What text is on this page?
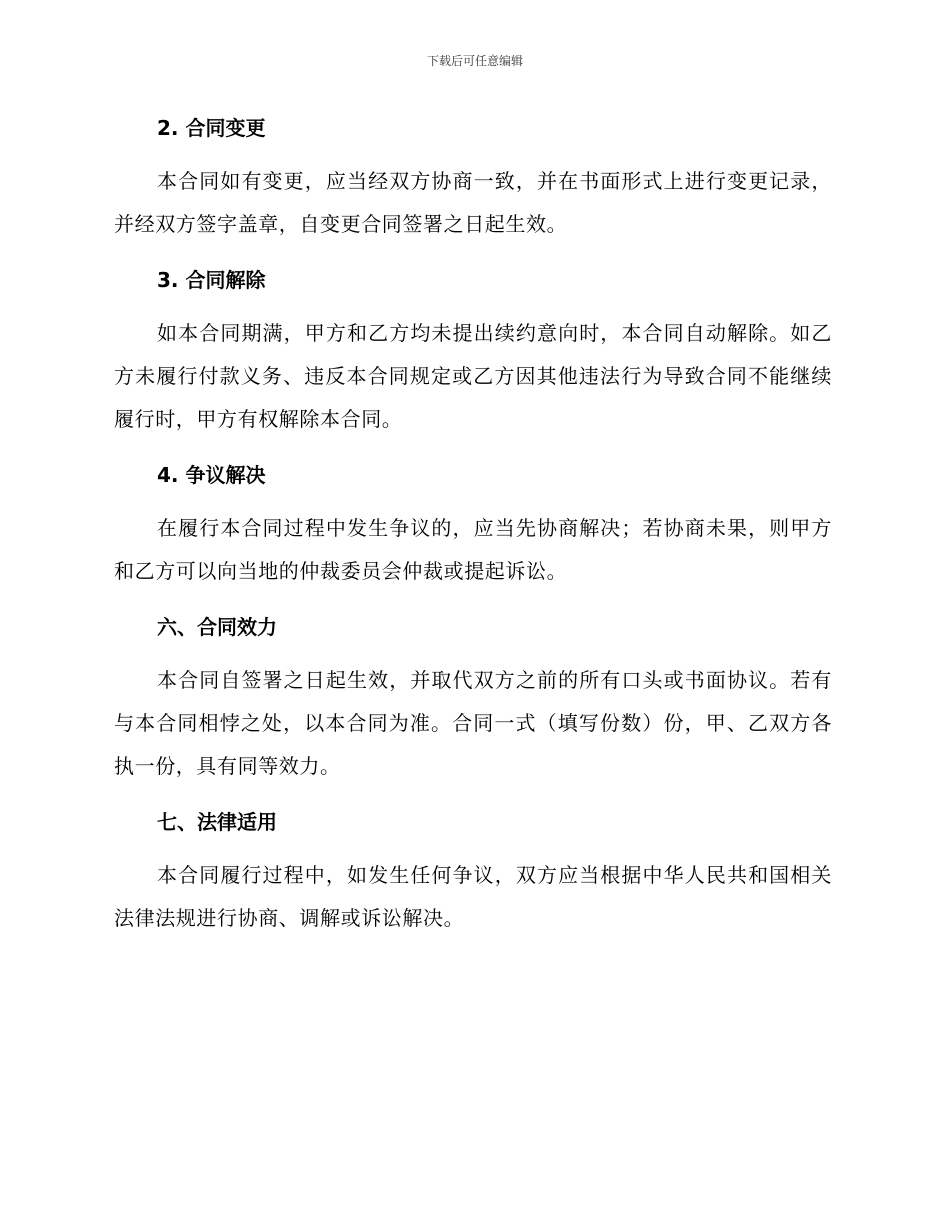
下载后可任意编辑
2. 合同变更

本合同如有变更，应当经双方协商一致，并在书面形式上进行变更记录，并经双方签字盖章，自变更合同签署之日起生效。

3. 合同解除

如本合同期满，甲方和乙方均未提出续约意向时，本合同自动解除。如乙方未履行付款义务、违反本合同规定或乙方因其他违法行为导致合同不能继续履行时，甲方有权解除本合同。

4. 争议解决

在履行本合同过程中发生争议的，应当先协商解决；若协商未果，则甲方和乙方可以向当地的仲裁委员会仲裁或提起诉讼。

六、合同效力

本合同自签署之日起生效，并取代双方之前的所有口头或书面协议。若有与本合同相悖之处，以本合同为准。合同一式（填写份数）份，甲、乙双方各执一份，具有同等效力。

七、法律适用

本合同履行过程中，如发生任何争议，双方应当根据中华人民共和国相关法律法规进行协商、调解或诉讼解决。
